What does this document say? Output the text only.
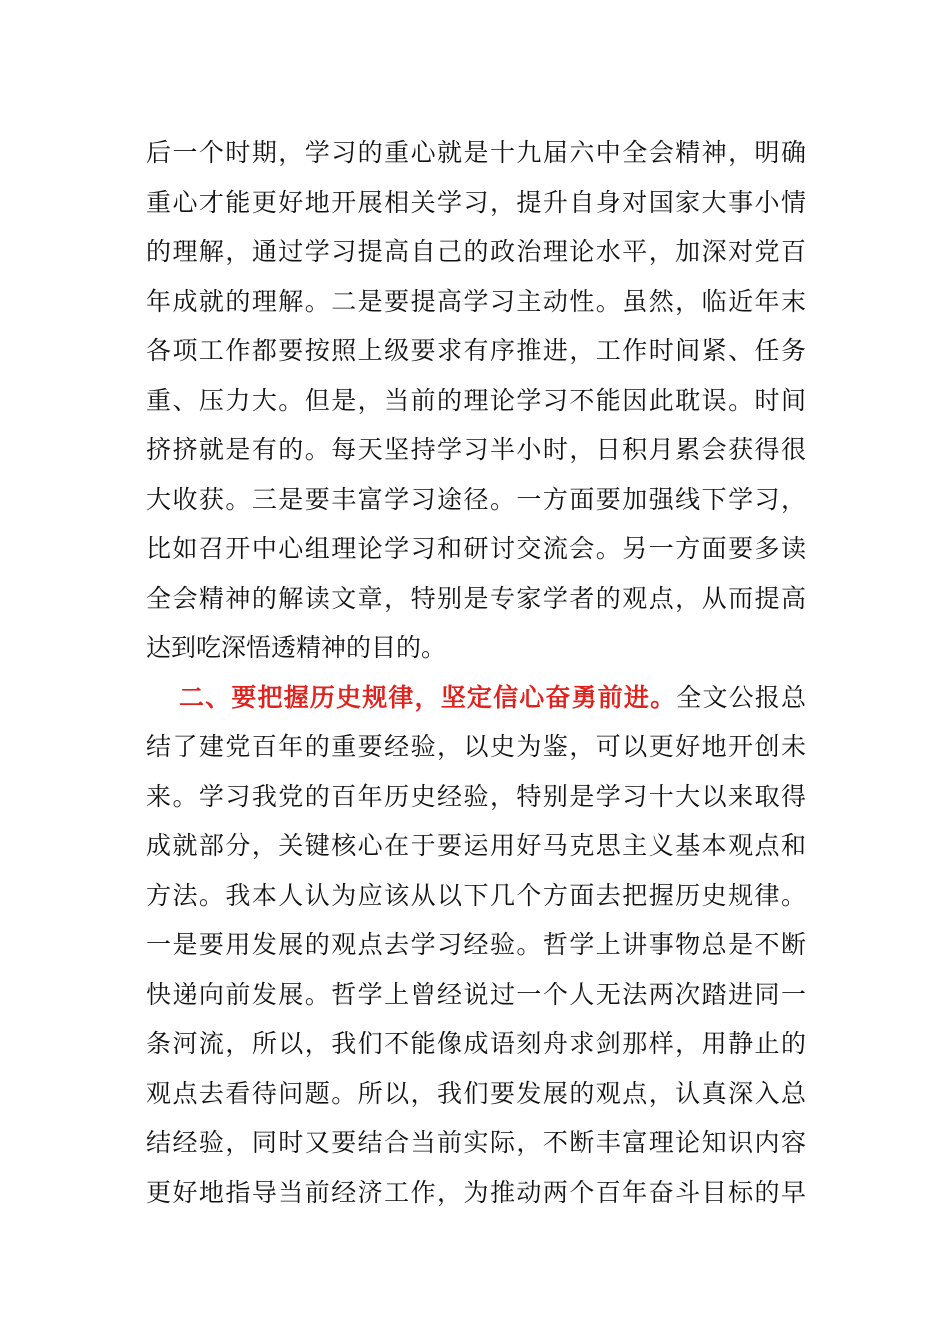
后一个时期，学习的重心就是十九届六中全会精神，明确
重心才能更好地开展相关学习，提升自身对国家大事小情
的理解，通过学习提高自己的政治理论水平，加深对党百
年成就的理解。二是要提高学习主动性。虽然，临近年末
各项工作都要按照上级要求有序推进，工作时间紧、任务
重、压力大。但是，当前的理论学习不能因此耽误。时间
挤挤就是有的。每天坚持学习半小时，日积月累会获得很
大收获。三是要丰富学习途径。一方面要加强线下学习，
比如召开中心组理论学习和研讨交流会。另一方面要多读
全会精神的解读文章，特别是专家学者的观点，从而提高
达到吃深悟透精神的目的。
二、要把握历史规律，坚定信心奋勇前进。全文公报总
结了建党百年的重要经验，以史为鉴，可以更好地开创未
来。学习我党的百年历史经验，特别是学习十大以来取得
成就部分，关键核心在于要运用好马克思主义基本观点和
方法。我本人认为应该从以下几个方面去把握历史规律。
一是要用发展的观点去学习经验。哲学上讲事物总是不断
快递向前发展。哲学上曾经说过一个人无法两次踏进同一
条河流，所以，我们不能像成语刻舟求剑那样，用静止的
观点去看待问题。所以，我们要发展的观点，认真深入总
结经验，同时又要结合当前实际，不断丰富理论知识内容
更好地指导当前经济工作，为推动两个百年奋斗目标的早
